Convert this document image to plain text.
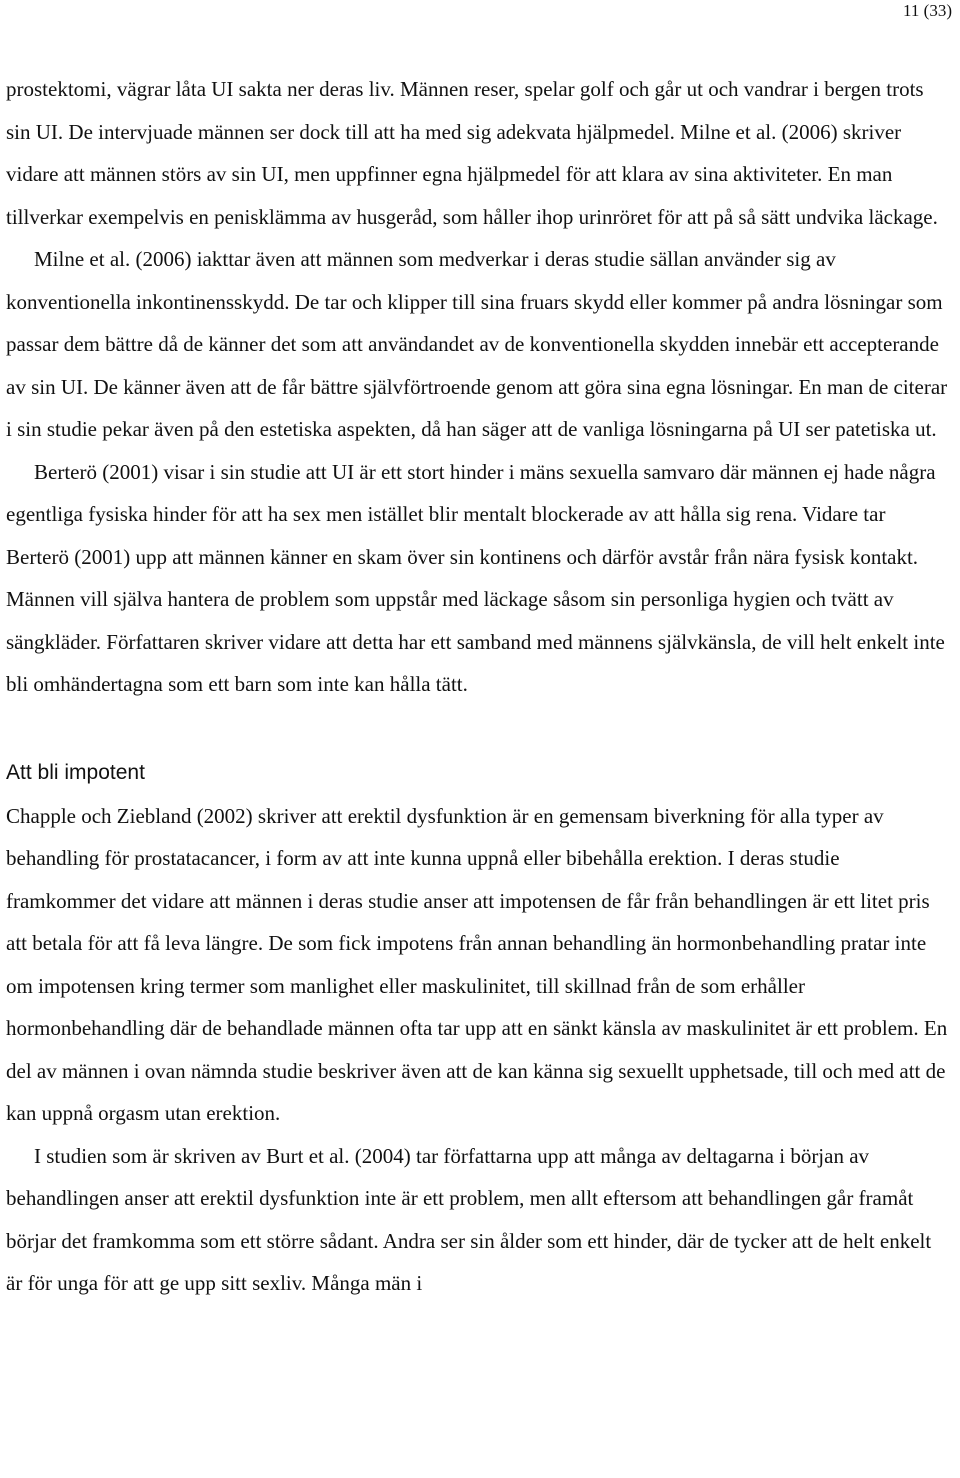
11 (33)

prostektomi, vägrar låta UI sakta ner deras liv. Männen reser, spelar golf och går ut och vandrar i bergen trots sin UI. De intervjuade männen ser dock till att ha med sig adekvata hjälpmedel. Milne et al. (2006) skriver vidare att männen störs av sin UI, men uppfinner egna hjälpmedel för att klara av sina aktiviteter. En man tillverkar exempelvis en penisklämma av husgeråd, som håller ihop urinröret för att på så sätt undvika läckage.

Milne et al. (2006) iakttar även att männen som medverkar i deras studie sällan använder sig av konventionella inkontinensskydd. De tar och klipper till sina fruars skydd eller kommer på andra lösningar som passar dem bättre då de känner det som att användandet av de konventionella skydden innebär ett accepterande av sin UI. De känner även att de får bättre självförtroende genom att göra sina egna lösningar. En man de citerar i sin studie pekar även på den estetiska aspekten, då han säger att de vanliga lösningarna på UI ser patetiska ut.

Berterö (2001) visar i sin studie att UI är ett stort hinder i mäns sexuella samvaro där männen ej hade några egentliga fysiska hinder för att ha sex men istället blir mentalt blockerade av att hålla sig rena. Vidare tar Berterö (2001) upp att männen känner en skam över sin kontinens och därför avstår från nära fysisk kontakt. Männen vill själva hantera de problem som uppstår med läckage såsom sin personliga hygien och tvätt av sängkläder. Författaren skriver vidare att detta har ett samband med männens självkänsla, de vill helt enkelt inte bli omhändertagna som ett barn som inte kan hålla tätt.

Att bli impotent

Chapple och Ziebland (2002) skriver att erektil dysfunktion är en gemensam biverkning för alla typer av behandling för prostatacancer, i form av att inte kunna uppnå eller bibehålla erektion. I deras studie framkommer det vidare att männen i deras studie anser att impotensen de får från behandlingen är ett litet pris att betala för att få leva längre. De som fick impotens från annan behandling än hormonbehandling pratar inte om impotensen kring termer som manlighet eller maskulinitet, till skillnad från de som erhåller hormonbehandling där de behandlade männen ofta tar upp att en sänkt känsla av maskulinitet är ett problem. En del av männen i ovan nämnda studie beskriver även att de kan känna sig sexuellt upphetsade, till och med att de kan uppnå orgasm utan erektion.

I studien som är skriven av Burt et al. (2004) tar författarna upp att många av deltagarna i början av behandlingen anser att erektil dysfunktion inte är ett problem, men allt eftersom att behandlingen går framåt börjar det framkomma som ett större sådant. Andra ser sin ålder som ett hinder, där de tycker att de helt enkelt är för unga för att ge upp sitt sexliv. Många män i
